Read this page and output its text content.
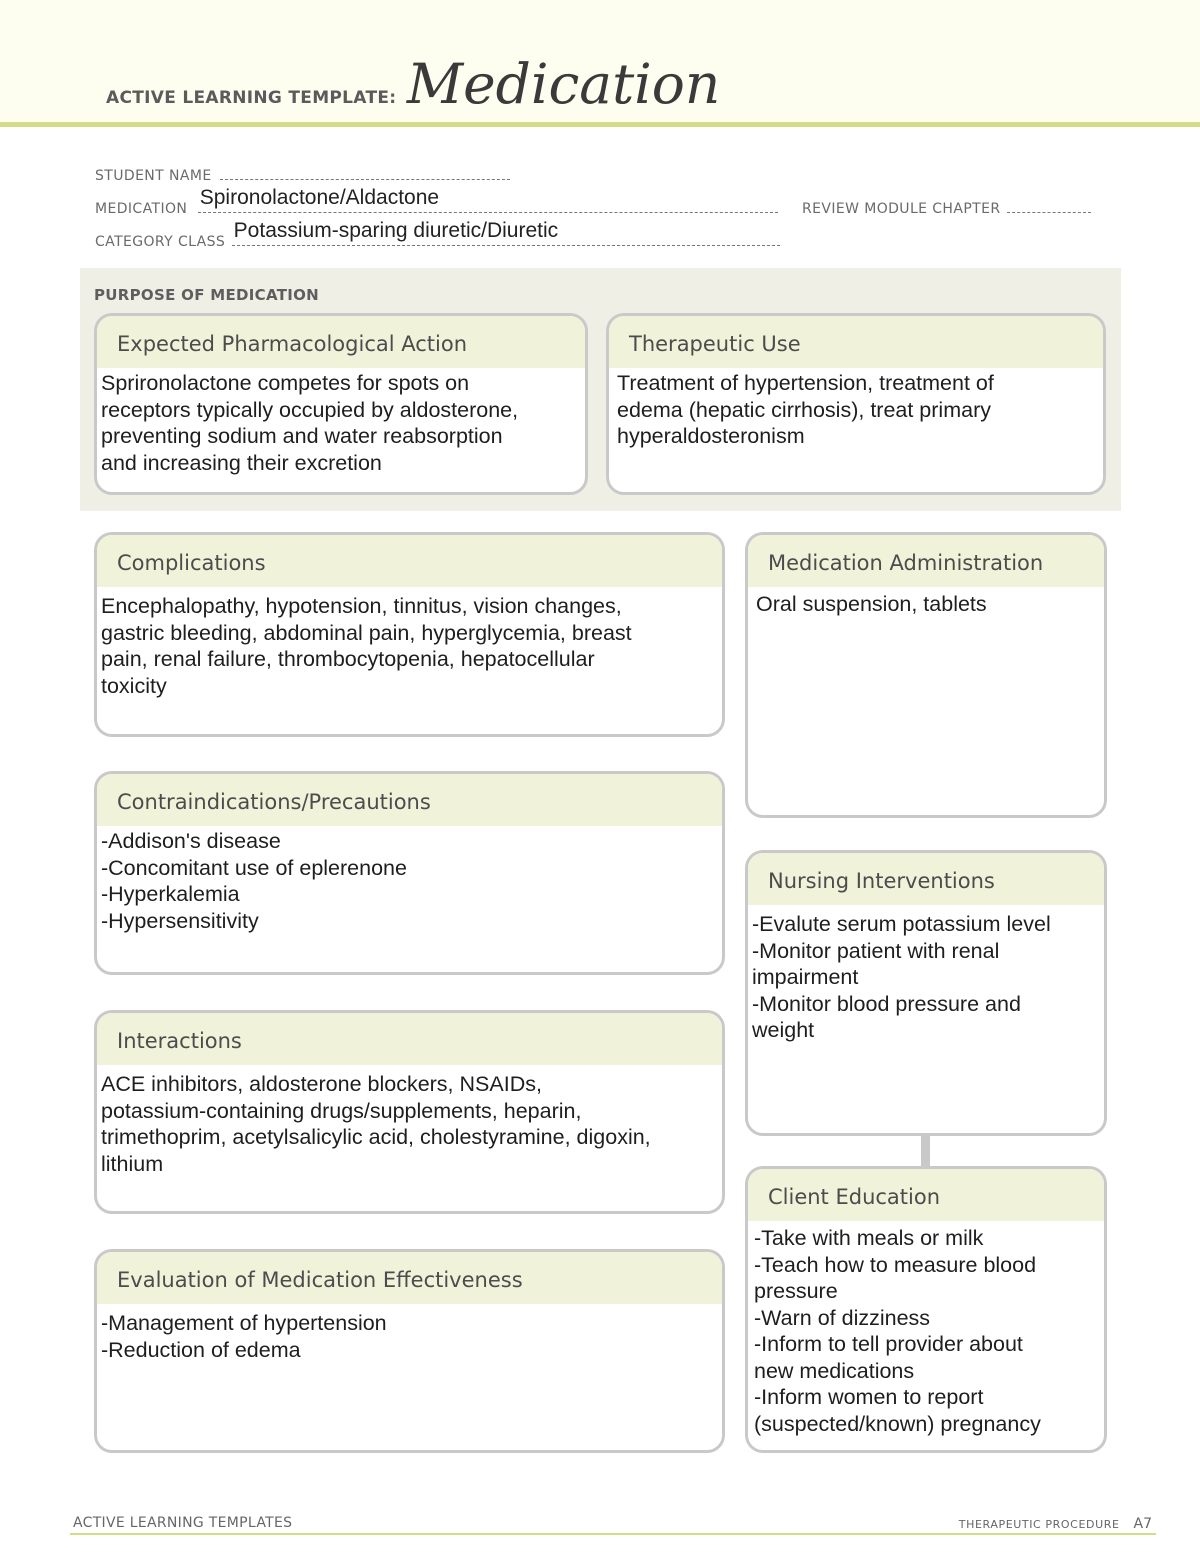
ACTIVE LEARNING TEMPLATE: Medication
STUDENT NAME
MEDICATION Spironolactone/Aldactone	REVIEW MODULE CHAPTER
CATEGORY CLASS Potassium-sparing diuretic/Diuretic
PURPOSE OF MEDICATION
Expected Pharmacological Action
Sprironolactone competes for spots on
receptors typically occupied by aldosterone,
preventing sodium and water reabsorption
and increasing their excretion
Therapeutic Use
Treatment of hypertension, treatment of
edema (hepatic cirrhosis), treat primary
hyperaldosteronism
Complications
Encephalopathy, hypotension, tinnitus, vision changes,
gastric bleeding, abdominal pain, hyperglycemia, breast
pain, renal failure, thrombocytopenia, hepatocellular
toxicity
Contraindications/Precautions
-Addison's disease
-Concomitant use of eplerenone
-Hyperkalemia
-Hypersensitivity
Interactions
ACE inhibitors, aldosterone blockers, NSAIDs,
potassium-containing drugs/supplements, heparin,
trimethoprim, acetylsalicylic acid, cholestyramine, digoxin,
lithium
Evaluation of Medication Effectiveness
-Management of hypertension
-Reduction of edema
Medication Administration
Oral suspension, tablets
Nursing Interventions
-Evalute serum potassium level
-Monitor patient with renal
impairment
-Monitor blood pressure and
weight
Client Education
-Take with meals or milk
-Teach how to measure blood
pressure
-Warn of dizziness
-Inform to tell provider about
new medications
-Inform women to report
(suspected/known) pregnancy
ACTIVE LEARNING TEMPLATES	THERAPEUTIC PROCEDURE A7
